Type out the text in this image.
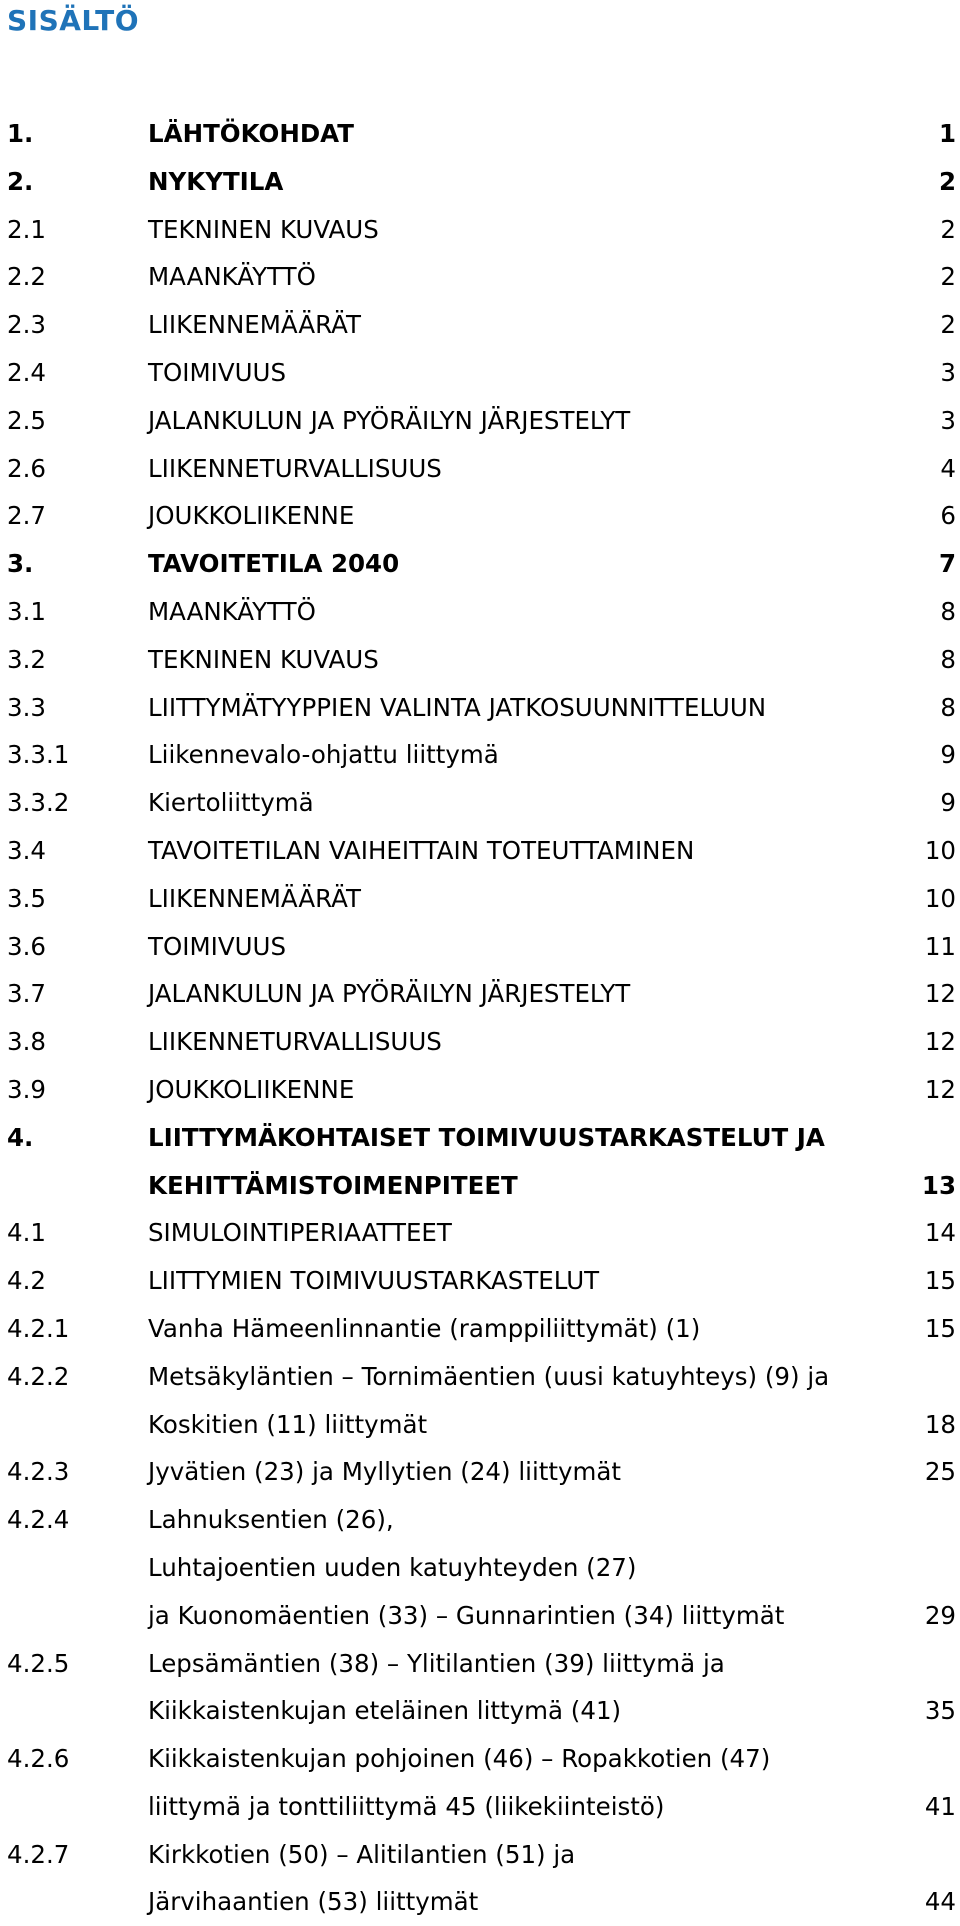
SISÄLTÖ
1.	LÄHTÖKOHDAT	1
2.	NYKYTILA	2
2.1	TEKNINEN KUVAUS	2
2.2	MAANKÄYTTÖ	2
2.3	LIIKENNEMÄÄRÄT	2
2.4	TOIMIVUUS	3
2.5	JALANKULUN JA PYÖRÄILYN JÄRJESTELYT	3
2.6	LIIKENNETURVALLISUUS	4
2.7	JOUKKOLIIKENNE	6
3.	TAVOITETILA 2040	7
3.1	MAANKÄYTTÖ	8
3.2	TEKNINEN KUVAUS	8
3.3	LIITTYMÄTYYPPIEN VALINTA JATKOSUUNNITTELUUN	8
3.3.1	Liikennevalo-ohjattu liittymä	9
3.3.2	Kiertoliittymä	9
3.4	TAVOITETILAN VAIHEITTAIN TOTEUTTAMINEN	10
3.5	LIIKENNEMÄÄRÄT	10
3.6	TOIMIVUUS	11
3.7	JALANKULUN JA PYÖRÄILYN JÄRJESTELYT	12
3.8	LIIKENNETURVALLISUUS	12
3.9	JOUKKOLIIKENNE	12
4.	LIITTYMÄKOHTAISET TOIMIVUUSTARKASTELUT JA
KEHITTÄMISTOIMENPITEET	13
4.1	SIMULOINTIPERIAATTEET	14
4.2	LIITTYMIEN TOIMIVUUSTARKASTELUT	15
4.2.1	Vanha Hämeenlinnantie (ramppiliittymät) (1)	15
4.2.2	Metsäkyläntien – Tornimäentien (uusi katuyhteys) (9) ja
Koskitien (11) liittymät	18
4.2.3	Jyvätien (23) ja Myllytien (24) liittymät	25
4.2.4	Lahnuksentien (26),
Luhtajoentien uuden katuyhteyden (27)
ja Kuonomäentien (33) – Gunnarintien (34) liittymät	29
4.2.5	Lepsämäntien (38) – Ylitilantien (39) liittymä ja
Kiikkaistenkujan eteläinen littymä (41)	35
4.2.6	Kiikkaistenkujan pohjoinen (46) – Ropakkotien (47)
liittymä ja tonttiliittymä 45 (liikekiinteistö)	41
4.2.7	Kirkkotien (50) – Alitilantien (51) ja
Järvihaantien (53) liittymät	44
